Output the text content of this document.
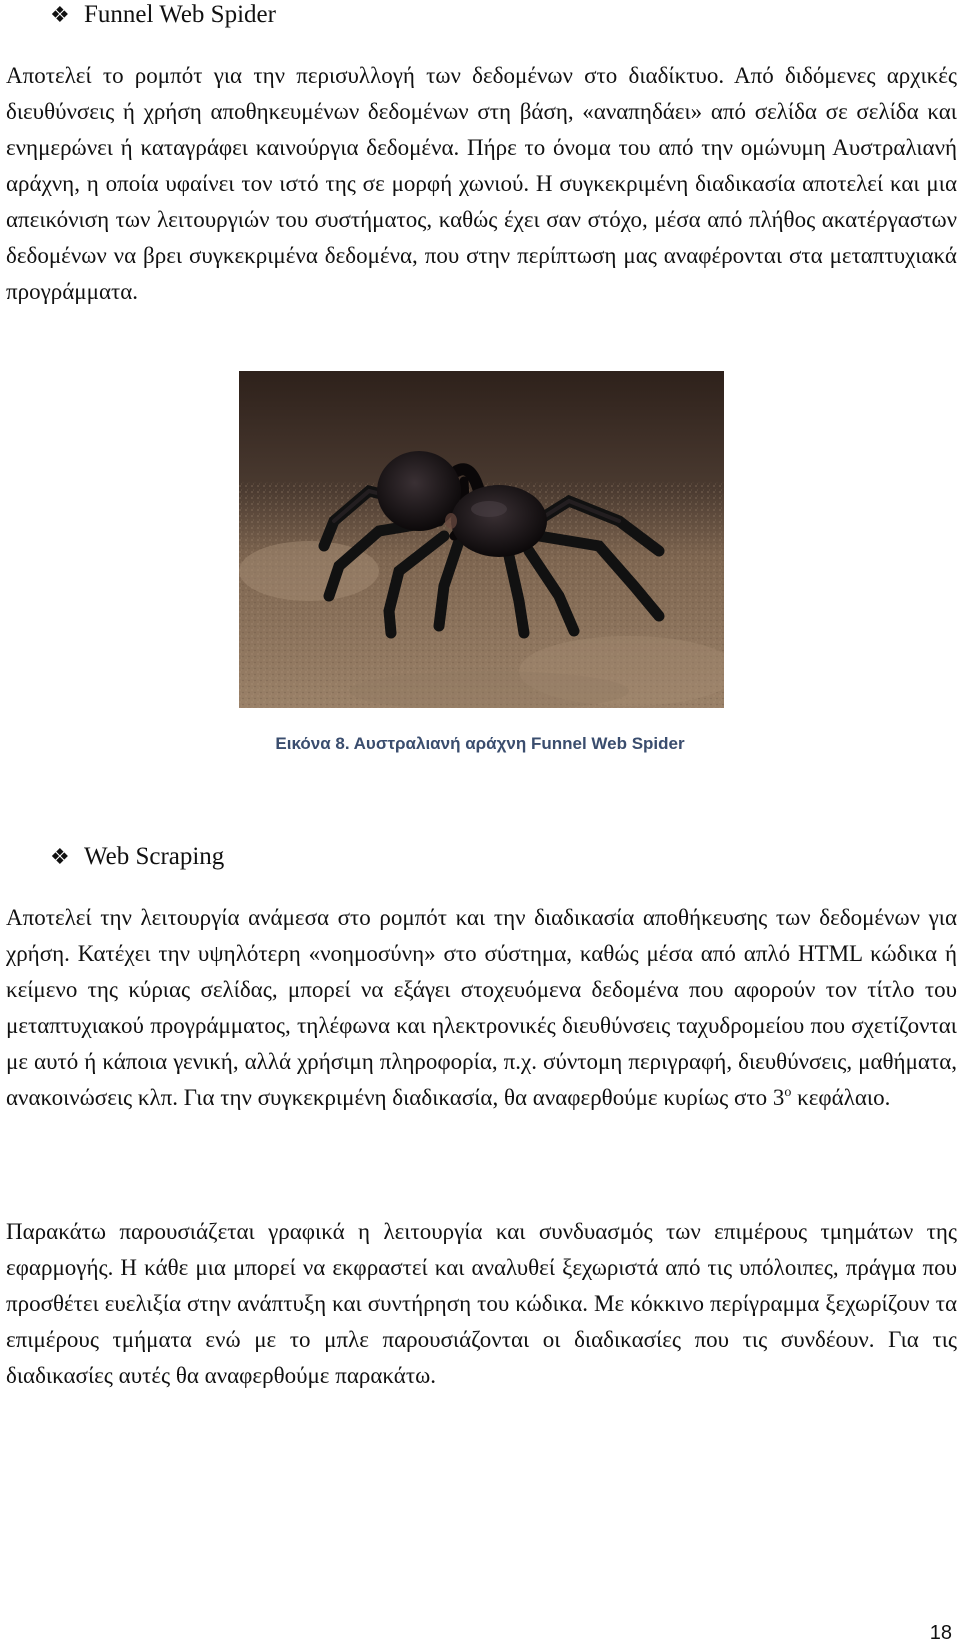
❖ Funnel Web Spider

Αποτελεί το ρομπότ για την περισυλλογή των δεδομένων στο διαδίκτυο. Από διδόμενες αρχικές διευθύνσεις ή χρήση αποθηκευμένων δεδομένων στη βάση, «αναπηδάει» από σελίδα σε σελίδα και ενημερώνει ή καταγράφει καινούργια δεδομένα. Πήρε το όνομα του από την ομώνυμη Αυστραλιανή αράχνη, η οποία υφαίνει τον ιστό της σε μορφή χωνιού. Η συγκεκριμένη διαδικασία αποτελεί και μια απεικόνιση των λειτουργιών του συστήματος, καθώς έχει σαν στόχο, μέσα από πλήθος ακατέργαστων δεδομένων να βρει συγκεκριμένα δεδομένα, που στην περίπτωση μας αναφέρονται στα μεταπτυχιακά προγράμματα.

Εικόνα 8. Αυστραλιανή αράχνη Funnel Web Spider
❖ Web Scraping

Αποτελεί την λειτουργία ανάμεσα στο ρομπότ και την διαδικασία αποθήκευσης των δεδομένων για χρήση. Κατέχει την υψηλότερη «νοημοσύνη» στο σύστημα, καθώς μέσα από απλό HTML κώδικα ή κείμενο της κύριας σελίδας, μπορεί να εξάγει στοχευόμενα δεδομένα που αφορούν τον τίτλο του μεταπτυχιακού προγράμματος, τηλέφωνα και ηλεκτρονικές διευθύνσεις ταχυδρομείου που σχετίζονται με αυτό ή κάποια γενική, αλλά χρήσιμη πληροφορία, π.χ. σύντομη περιγραφή, διευθύνσεις, μαθήματα, ανακοινώσεις κλπ. Για την συγκεκριμένη διαδικασία, θα αναφερθούμε κυρίως στο $3^o$ κεφάλαιο.

Παρακάτω παρουσιάζεται γραφικά η λειτουργία και συνδυασμός των επιμέρους τμημάτων της εφαρμογής. Η κάθε μια μπορεί να εκφραστεί και αναλυθεί ξεχωριστά από τις υπόλοιπες, πράγμα που προσθέτει ευελιξία στην ανάπτυξη και συντήρηση του κώδικα. Με κόκκινο περίγραμμα ξεχωρίζουν τα επιμέρους τμήματα ενώ με το μπλε παρουσιάζονται οι διαδικασίες που τις συνδέουν. Για τις διαδικασίες αυτές θα αναφερθούμε παρακάτω.

18
